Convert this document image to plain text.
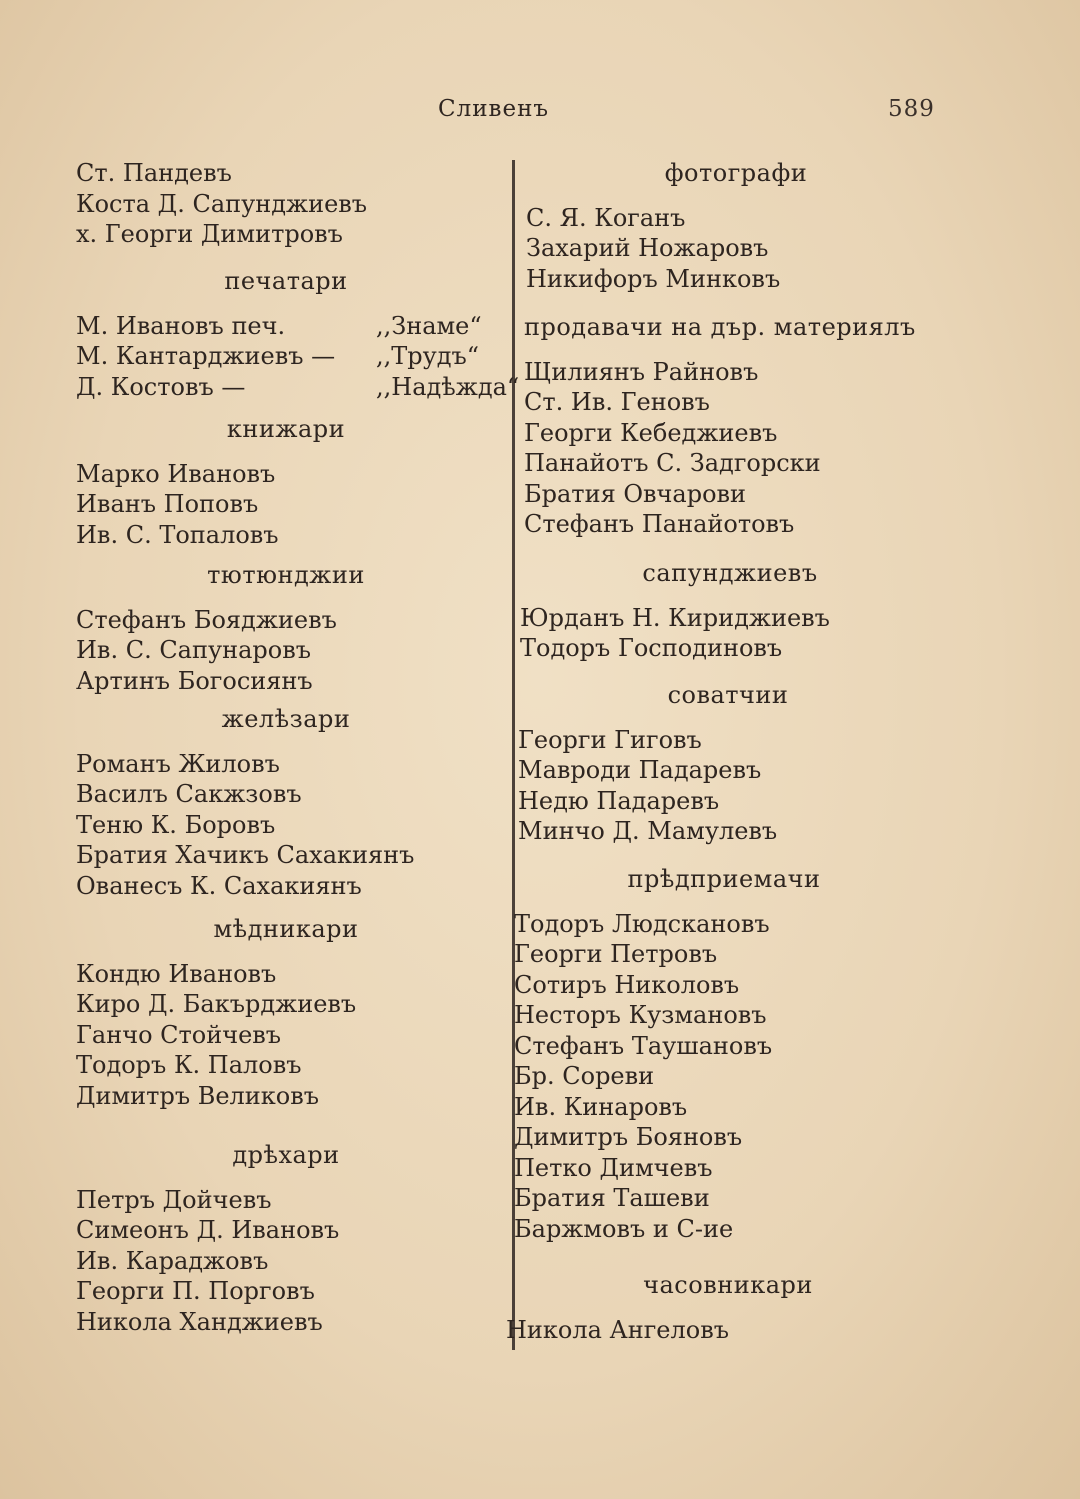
Сливенъ	589
Ст. Пандевъ
Коста Д. Сапунджиевъ
х. Георги Димитровъ
печатари
М. Ивановъ печ.	,,Знаме“
М. Кантарджиевъ — ,,Трудъ“
Д. Костовъ —	,,Надѣжда“
книжари
Марко Ивановъ
Иванъ Поповъ
Ив. С. Топаловъ
тютюнджии
Стефанъ Бояджиевъ
Ив. С. Сапунаровъ
Артинъ Богосиянъ
желѣзари
Романъ Жиловъ
Василъ Сакжзовъ
Теню К. Боровъ
Братия Хачикъ Сахакиянъ
Ованесъ К. Сахакиянъ
мѣдникари
Кондю Ивановъ
Киро Д. Бакърджиевъ
Ганчо Стойчевъ
Тодоръ К. Паловъ
Димитръ Великовъ
дрѣхари
Петръ Дойчевъ
Симеонъ Д. Ивановъ
Ив. Караджовъ
Георги П. Порговъ
Никола Ханджиевъ
фотографи
С. Я. Коганъ
Захарий Ножаровъ
Никифоръ Минковъ
продавачи на дър. материялъ
Щилиянъ Райновъ
Ст. Ив. Геновъ
Георги Кебеджиевъ
Панайотъ С. Задгорски
Братия Овчарови
Стефанъ Панайотовъ
сапунджиевъ
Юрданъ Н. Кириджиевъ
Тодоръ Господиновъ
соватчии
Георги Гиговъ
Мавроди Падаревъ
Недю Падаревъ
Минчо Д. Мамулевъ
прѣдприемачи
Тодоръ Людскановъ
Георги Петровъ
Сотиръ Николовъ
Несторъ Кузмановъ
Стефанъ Таушановъ
Бр. Сореви
Ив. Кинаровъ
Димитръ Бояновъ
Петко Димчевъ
Братия Ташеви
Баржмовъ и С-ие
часовникари
Никола Ангеловъ
